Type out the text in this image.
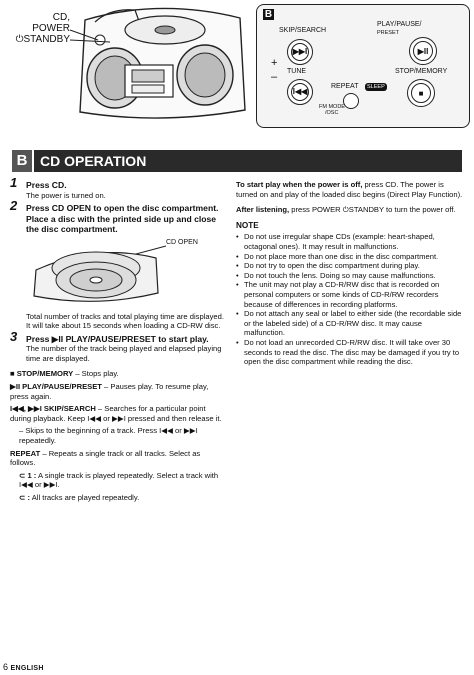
CD,
POWER
⏻STANDBY
B
SKIP/SEARCH
▶▶I
+
TUNE
–
I◀◀
PLAY/PAUSE/
PRESET
▶II
STOP/MEMORY
■
REPEAT	SLEEP
FM MODE
/OSC
B CD OPERATION
1 Press CD.
The power is turned on.
2 Press CD OPEN to open the disc compartment. Place a disc with the printed side up and close the disc compartment.
CD OPEN
Total number of tracks and total playing time are displayed. It will take about 15 seconds when loading a CD-RW disc.
3 Press ▶II PLAY/PAUSE/PRESET to start play.
The number of the track being played and elapsed playing time are displayed.
■ STOP/MEMORY – Stops play.
▶II PLAY/PAUSE/PRESET – Pauses play. To resume play, press again.
I◀◀, ▶▶I SKIP/SEARCH – Searches for a particular point during playback. Keep I◀◀ or ▶▶I pressed and then release it.
– Skips to the beginning of a track. Press I◀◀ or ▶▶I repeatedly.
REPEAT – Repeats a single track or all tracks. Select as follows.
⊂ 1 : A single track is played repeatedly. Select a track with I◀◀ or ▶▶I.
⊂ : All tracks are played repeatedly.
To start play when the power is off, press CD. The power is turned on and play of the loaded disc begins (Direct Play Function).
After listening, press POWER ⏻STANDBY to turn the power off.
NOTE
• Do not use irregular shape CDs (example: heart-shaped, octagonal ones). It may result in malfunctions.
• Do not place more than one disc in the disc compartment.
• Do not try to open the disc compartment during play.
• Do not touch the lens. Doing so may cause malfunctions.
• The unit may not play a CD-R/RW disc that is recorded on personal computers or some kinds of CD-R/RW recorders because of differences in recording platforms.
• Do not attach any seal or label to either side (the recordable side or the labeled side) of a CD-R/RW disc. It may cause malfunction.
• Do not load an unrecorded CD-R/RW disc. It will take over 30 seconds to read the disc. The disc may be damaged if you try to open the disc compartment while reading the disc.
6 ENGLISH
